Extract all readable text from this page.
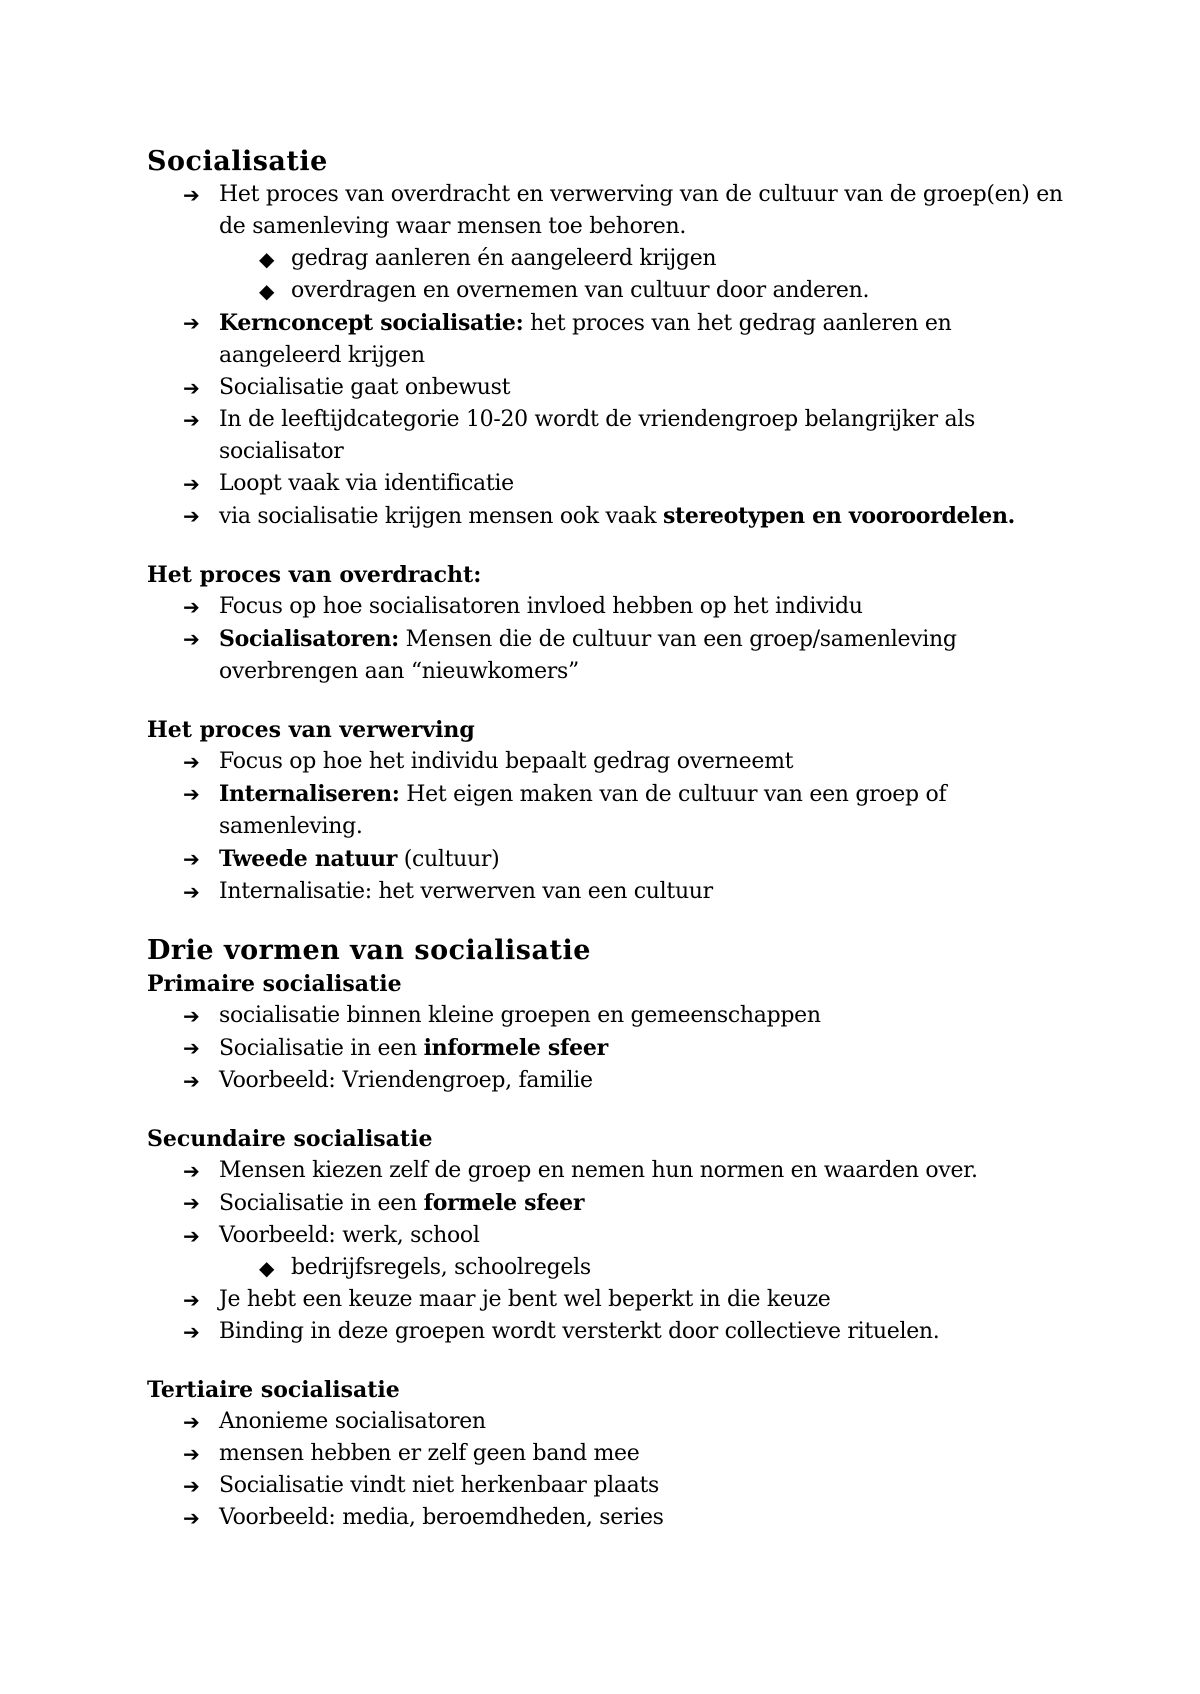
Socialisatie
➔ Het proces van overdracht en verwerving van de cultuur van de groep(en) en de samenleving waar mensen toe behoren.
◆ gedrag aanleren én aangeleerd krijgen
◆ overdragen en overnemen van cultuur door anderen.
➔ Kernconcept socialisatie: het proces van het gedrag aanleren en aangeleerd krijgen
➔ Socialisatie gaat onbewust
➔ In de leeftijdcategorie 10-20 wordt de vriendengroep belangrijker als socialisator
➔ Loopt vaak via identificatie
➔ via socialisatie krijgen mensen ook vaak stereotypen en vooroordelen.
Het proces van overdracht:
➔ Focus op hoe socialisatoren invloed hebben op het individu
➔ Socialisatoren: Mensen die de cultuur van een groep/samenleving overbrengen aan “nieuwkomers”
Het proces van verwerving
➔ Focus op hoe het individu bepaalt gedrag overneemt
➔ Internaliseren: Het eigen maken van de cultuur van een groep of samenleving.
➔ Tweede natuur (cultuur)
➔ Internalisatie: het verwerven van een cultuur
Drie vormen van socialisatie
Primaire socialisatie
➔ socialisatie binnen kleine groepen en gemeenschappen
➔ Socialisatie in een informele sfeer
➔ Voorbeeld: Vriendengroep, familie
Secundaire socialisatie
➔ Mensen kiezen zelf de groep en nemen hun normen en waarden over.
➔ Socialisatie in een formele sfeer
➔ Voorbeeld: werk, school
◆ bedrijfsregels, schoolregels
➔ Je hebt een keuze maar je bent wel beperkt in die keuze
➔ Binding in deze groepen wordt versterkt door collectieve rituelen.
Tertiaire socialisatie
➔ Anonieme socialisatoren
➔ mensen hebben er zelf geen band mee
➔ Socialisatie vindt niet herkenbaar plaats
➔ Voorbeeld: media, beroemdheden, series
